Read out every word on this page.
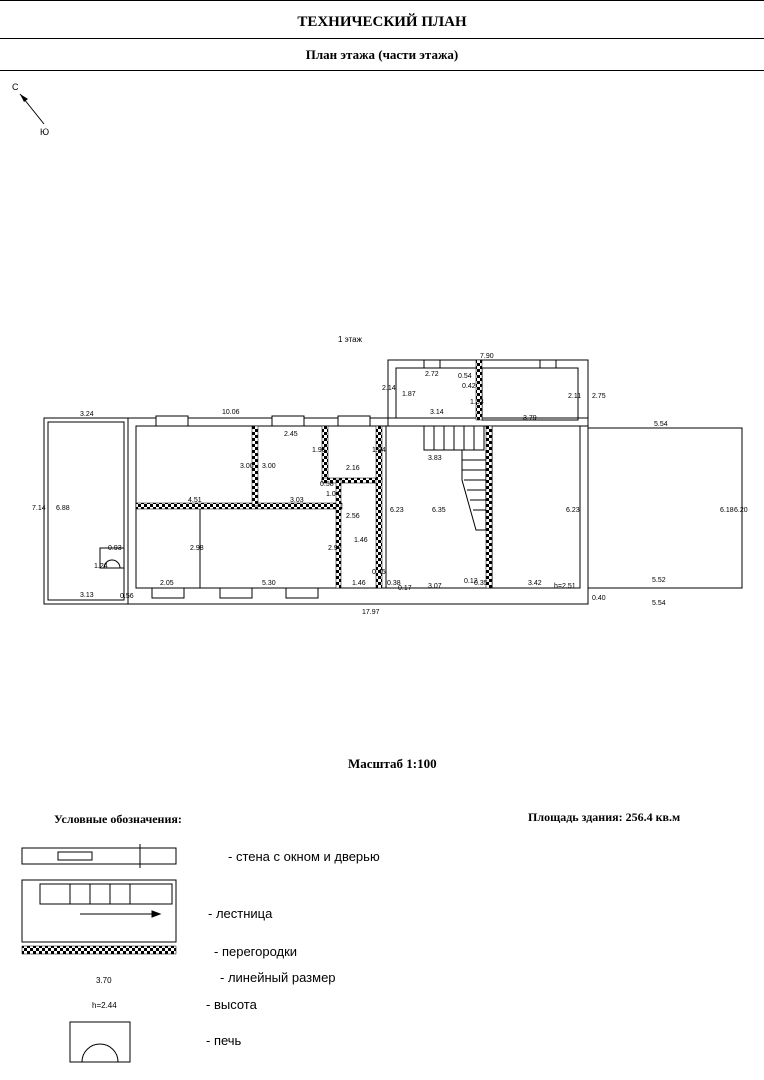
ТЕХНИЧЕСКИЙ ПЛАН
План этажа (части этажа)
С
Ю
1 этаж
7.90
2.72	0.54
0.42
2.14
1.87
1.33
2.11 2.75
3.14
3.79
3.24	10.06
5.54
2.45
1.96	1.84
3.83
3.00 3.00	2.16
0.58
1.04
7.14 6.88
4.51	3.03
2.56
6.23	6.35	6.23	6.18 6.20
0.93	2.98	2.97
1.46
1.24
2.05	5.30	1.46	0.38
0.45
0.17 3.07
0.12
0.35	3.42 h=2.51
5.52
3.13	0.56
17.97
0.40
5.54
3.70
h=2.44
Масштаб 1:100
Условные обозначения:	Площадь здания: 256.4 кв.м
- стена с окном и дверью
- лестница
- перегородки
- линейный размер
- высота
- печь
